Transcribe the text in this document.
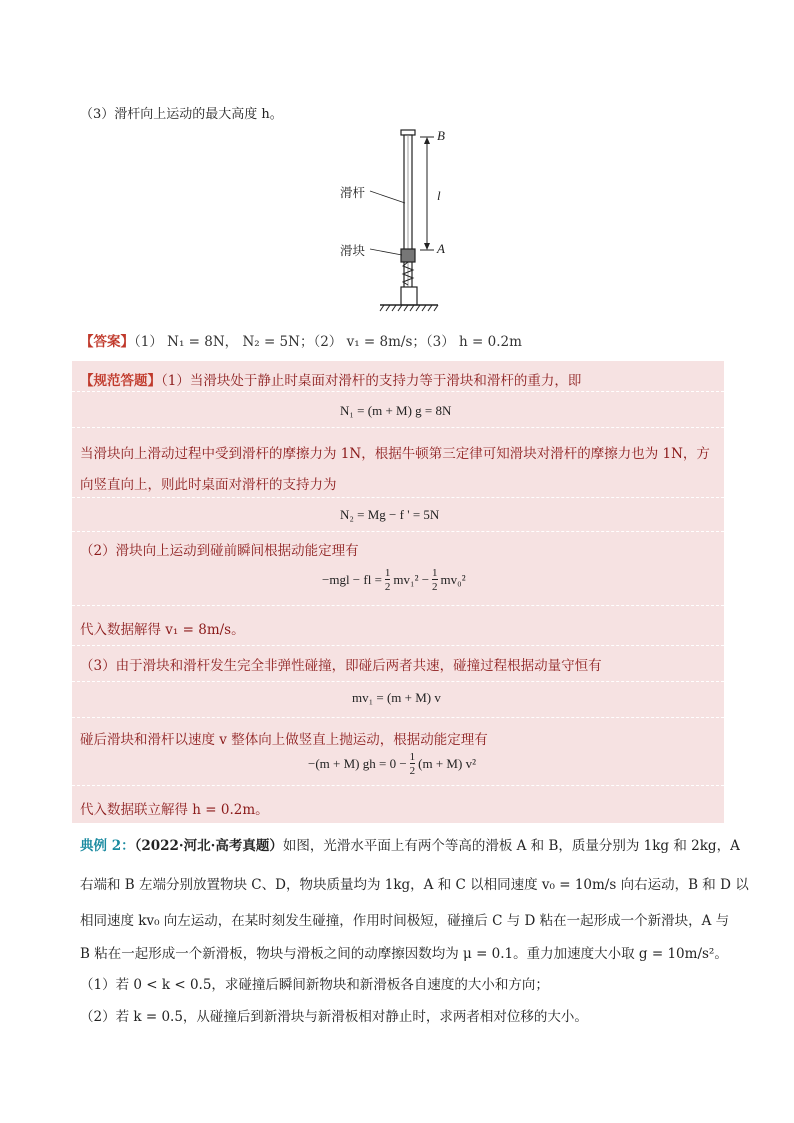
（3）滑杆向上运动的最大高度 h。
B
A
l
滑杆
滑块
【答案】（1） N₁ = 8N， N₂ = 5N；（2） v₁ = 8m/s；（3） h = 0.2m
【规范答题】（1）当滑块处于静止时桌面对滑杆的支持力等于滑块和滑杆的重力，即
N₁ = (m + M) g = 8N
当滑块向上滑动过程中受到滑杆的摩擦力为 1N，根据牛顿第三定律可知滑块对滑杆的摩擦力也为 1N，方
向竖直向上，则此时桌面对滑杆的支持力为
N₂ = Mg − f ' = 5N
（2）滑块向上运动到碰前瞬间根据动能定理有
−mgl − fl = $\frac{1}{2} mv_1^2 - \frac{1}{2} mv_0^2$
代入数据解得 v₁ = 8m/s。
（3）由于滑块和滑杆发生完全非弹性碰撞，即碰后两者共速，碰撞过程根据动量守恒有
mv₁ = (m + M) v
碰后滑块和滑杆以速度 v 整体向上做竖直上抛运动，根据动能定理有
−(m + M) gh = $0 - \frac{1}{2} (m + M)$ v²
代入数据联立解得 h = 0.2m。
典例 2：（2022·河北·高考真题）如图，光滑水平面上有两个等高的滑板 A 和 B，质量分别为 1kg 和 2kg，A
右端和 B 左端分别放置物块 C、D，物块质量均为 1kg，A 和 C 以相同速度 v₀ = 10m/s 向右运动，B 和 D 以
相同速度 kv₀ 向左运动，在某时刻发生碰撞，作用时间极短，碰撞后 C 与 D 粘在一起形成一个新滑块，A 与
B 粘在一起形成一个新滑板，物块与滑板之间的动摩擦因数均为 μ = 0.1。重力加速度大小取 g = 10m/s²。
（1）若 0 < k < 0.5，求碰撞后瞬间新物块和新滑板各自速度的大小和方向；
（2）若 k = 0.5，从碰撞后到新滑块与新滑板相对静止时，求两者相对位移的大小。
